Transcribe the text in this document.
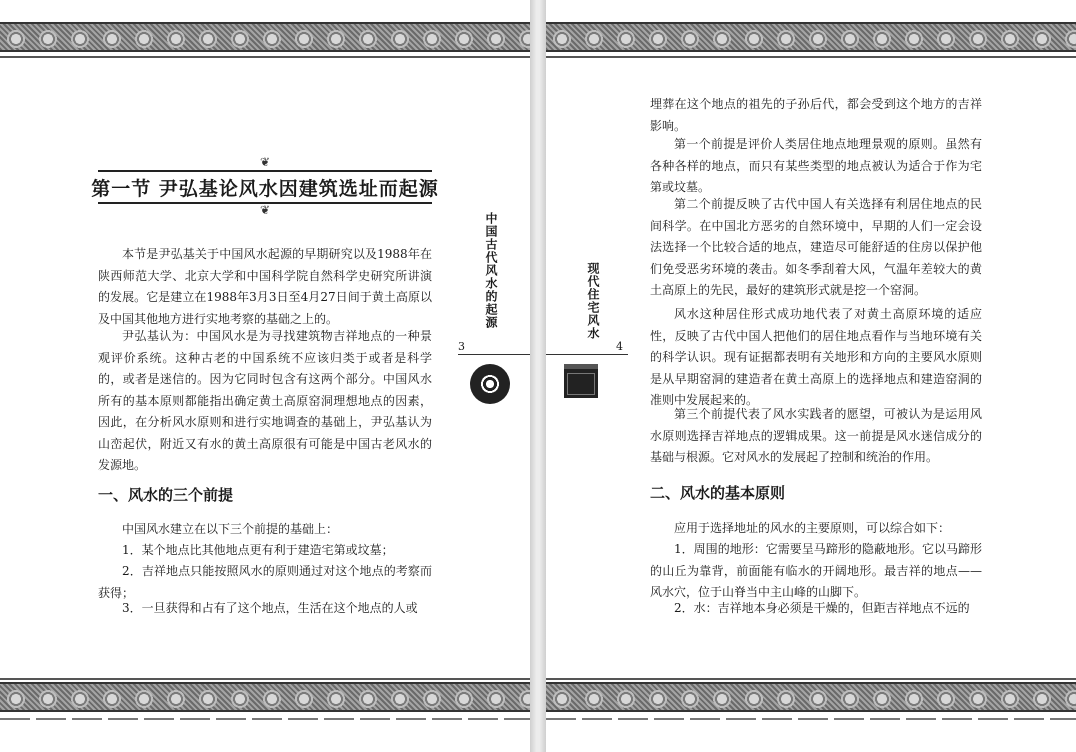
❦
第一节 尹弘基论风水因建筑选址而起源
❦
本节是尹弘基关于中国风水起源的早期研究以及1988年在陕西师范大学、北京大学和中国科学院自然科学史研究所讲演的发展。它是建立在1988年3月3日至4月27日间于黄土高原以及中国其他地方进行实地考察的基础之上的。
尹弘基认为：中国风水是为寻找建筑物吉祥地点的一种景观评价系统。这种古老的中国系统不应该归类于或者是科学的，或者是迷信的。因为它同时包含有这两个部分。中国风水所有的基本原则都能指出确定黄土高原窑洞理想地点的因素，因此，在分析风水原则和进行实地调查的基础上，尹弘基认为山峦起伏，附近又有水的黄土高原很有可能是中国古老风水的发源地。
一、风水的三个前提
中国风水建立在以下三个前提的基础上：
1．某个地点比其他地点更有利于建造宅第或坟墓；
2．吉祥地点只能按照风水的原则通过对这个地点的考察而获得；
3．一旦获得和占有了这个地点，生活在这个地点的人或
中国古代风水的起源
3
埋葬在这个地点的祖先的子孙后代，都会受到这个地方的吉祥影响。
第一个前提是评价人类居住地点地理景观的原则。虽然有各种各样的地点，而只有某些类型的地点被认为适合于作为宅第或坟墓。
第二个前提反映了古代中国人有关选择有利居住地点的民间科学。在中国北方恶劣的自然环境中，早期的人们一定会设法选择一个比较合适的地点，建造尽可能舒适的住房以保护他们免受恶劣环境的袭击。如冬季刮着大风，气温年差较大的黄土高原上的先民，最好的建筑形式就是挖一个窑洞。
风水这种居住形式成功地代表了对黄土高原环境的适应性，反映了古代中国人把他们的居住地点看作与当地环境有关的科学认识。现有证据都表明有关地形和方向的主要风水原则是从早期窑洞的建造者在黄土高原上的选择地点和建造窑洞的准则中发展起来的。
第三个前提代表了风水实践者的愿望，可被认为是运用风水原则选择吉祥地点的逻辑成果。这一前提是风水迷信成分的基础与根源。它对风水的发展起了控制和统治的作用。
二、风水的基本原则
应用于选择地址的风水的主要原则，可以综合如下：
1．周围的地形：它需要呈马蹄形的隐蔽地形。它以马蹄形的山丘为靠背，前面能有临水的开阔地形。最吉祥的地点——风水穴，位于山脊当中主山峰的山脚下。
2．水：吉祥地本身必须是干燥的，但距吉祥地点不远的
现代住宅风水
4
